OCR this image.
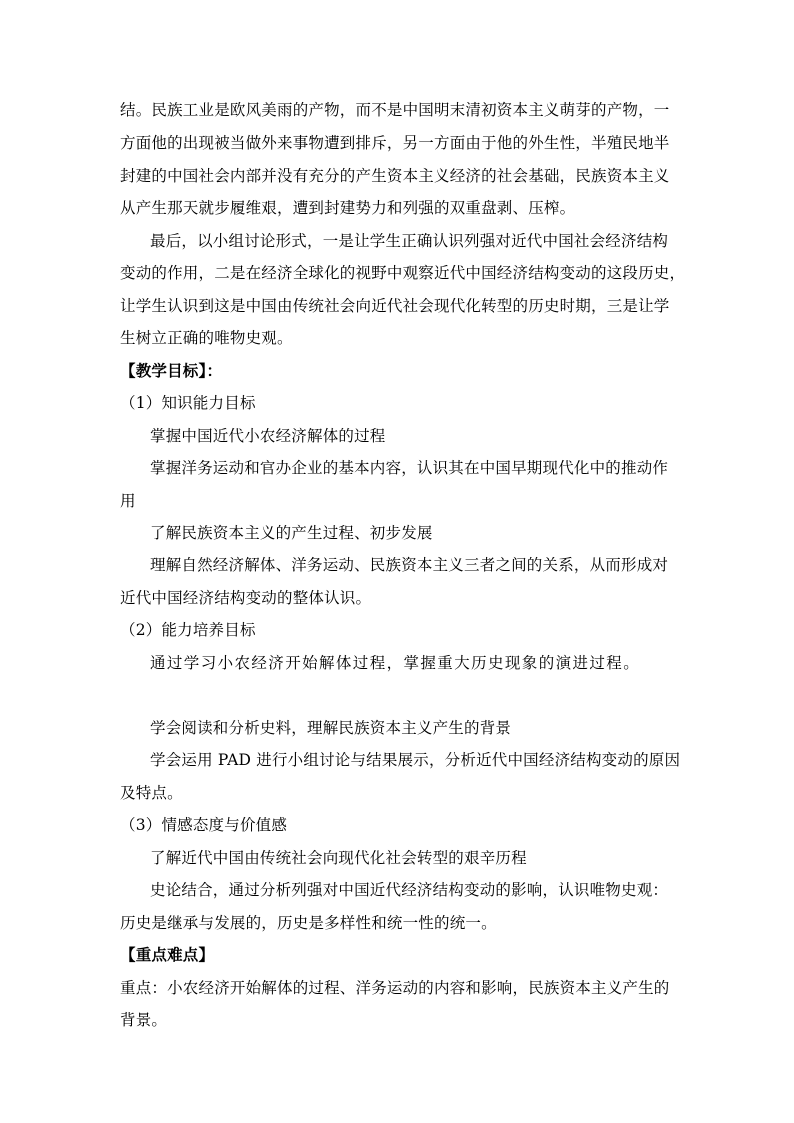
结。民族工业是欧风美雨的产物，而不是中国明末清初资本主义萌芽的产物，一
方面他的出现被当做外来事物遭到排斥，另一方面由于他的外生性，半殖民地半
封建的中国社会内部并没有充分的产生资本主义经济的社会基础，民族资本主义
从产生那天就步履维艰，遭到封建势力和列强的双重盘剥、压榨。
最后，以小组讨论形式，一是让学生正确认识列强对近代中国社会经济结构
变动的作用，二是在经济全球化的视野中观察近代中国经济结构变动的这段历史，
让学生认识到这是中国由传统社会向近代社会现代化转型的历史时期，三是让学
生树立正确的唯物史观。
【教学目标】：
（1）知识能力目标
掌握中国近代小农经济解体的过程
掌握洋务运动和官办企业的基本内容，认识其在中国早期现代化中的推动作
用
了解民族资本主义的产生过程、初步发展
理解自然经济解体、洋务运动、民族资本主义三者之间的关系，从而形成对
近代中国经济结构变动的整体认识。
（2）能力培养目标
通过学习小农经济开始解体过程，掌握重大历史现象的演进过程。
学会阅读和分析史料，理解民族资本主义产生的背景
学会运用 PAD 进行小组讨论与结果展示，分析近代中国经济结构变动的原因
及特点。
（3）情感态度与价值感
了解近代中国由传统社会向现代化社会转型的艰辛历程
史论结合，通过分析列强对中国近代经济结构变动的影响，认识唯物史观：
历史是继承与发展的，历史是多样性和统一性的统一。
【重点难点】
重点：小农经济开始解体的过程、洋务运动的内容和影响，民族资本主义产生的
背景。
